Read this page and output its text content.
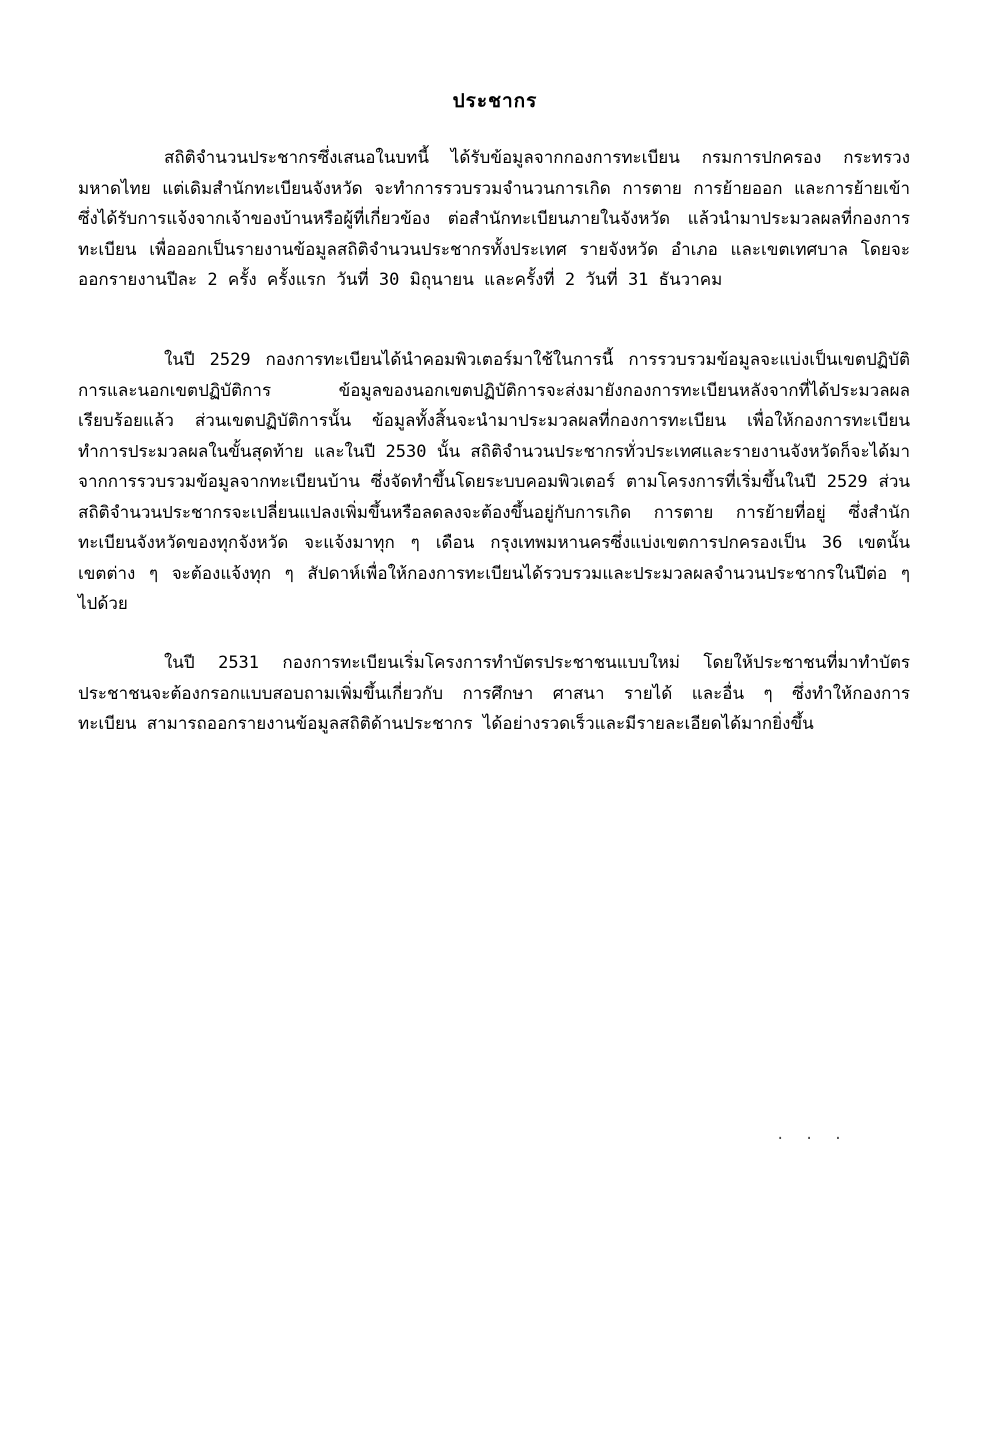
ประชากร

สถิติจำนวนประชากรซึ่งเสนอในบทนี้ ได้รับข้อมูลจากกองการทะเบียน กรมการปกครอง กระทรวงมหาดไทย แต่เดิมสำนักทะเบียนจังหวัด จะทำการรวบรวมจำนวนการเกิด การตาย การย้ายออก และการย้ายเข้า ซึ่งได้รับการแจ้งจากเจ้าของบ้านหรือผู้ที่เกี่ยวข้อง ต่อสำนักทะเบียนภายในจังหวัด แล้วนำมาประมวลผลที่กองการทะเบียน เพื่อออกเป็นรายงานข้อมูลสถิติจำนวนประชากรทั้งประเทศ รายจังหวัด อำเภอ และเขตเทศบาล โดยจะออกรายงานปีละ 2 ครั้ง ครั้งแรก วันที่ 30 มิถุนายน และครั้งที่ 2 วันที่ 31 ธันวาคม

ในปี 2529 กองการทะเบียนได้นำคอมพิวเตอร์มาใช้ในการนี้ การรวบรวมข้อมูลจะแบ่งเป็นเขตปฏิบัติการและนอกเขตปฏิบัติการ ข้อมูลของนอกเขตปฏิบัติการจะส่งมายังกองการทะเบียนหลังจากที่ได้ประมวลผลเรียบร้อยแล้ว ส่วนเขตปฏิบัติการนั้น ข้อมูลทั้งสิ้นจะนำมาประมวลผลที่กองการทะเบียน เพื่อให้กองการทะเบียนทำการประมวลผลในขั้นสุดท้าย และในปี 2530 นั้น สถิติจำนวนประชากรทั่วประเทศและรายงานจังหวัดก็จะได้มาจากการรวบรวมข้อมูลจากทะเบียนบ้าน ซึ่งจัดทำขึ้นโดยระบบคอมพิวเตอร์ ตามโครงการที่เริ่มขึ้นในปี 2529 ส่วนสถิติจำนวนประชากรจะเปลี่ยนแปลงเพิ่มขึ้นหรือลดลงจะต้องขึ้นอยู่กับการเกิด การตาย การย้ายที่อยู่ ซึ่งสำนักทะเบียนจังหวัดของทุกจังหวัด จะแจ้งมาทุก ๆ เดือน กรุงเทพมหานครซึ่งแบ่งเขตการปกครองเป็น 36 เขตนั้น เขตต่าง ๆ จะต้องแจ้งทุก ๆ สัปดาห์เพื่อให้กองการทะเบียนได้รวบรวมและประมวลผลจำนวนประชากรในปีต่อ ๆ ไปด้วย

ในปี 2531 กองการทะเบียนเริ่มโครงการทำบัตรประชาชนแบบใหม่ โดยให้ประชาชนที่มาทำบัตรประชาชนจะต้องกรอกแบบสอบถามเพิ่มขึ้นเกี่ยวกับ การศึกษา ศาสนา รายได้ และอื่น ๆ ซึ่งทำให้กองการทะเบียน สามารถออกรายงานข้อมูลสถิติด้านประชากร ได้อย่างรวดเร็วและมีรายละเอียดได้มากยิ่งขึ้น

. . .
